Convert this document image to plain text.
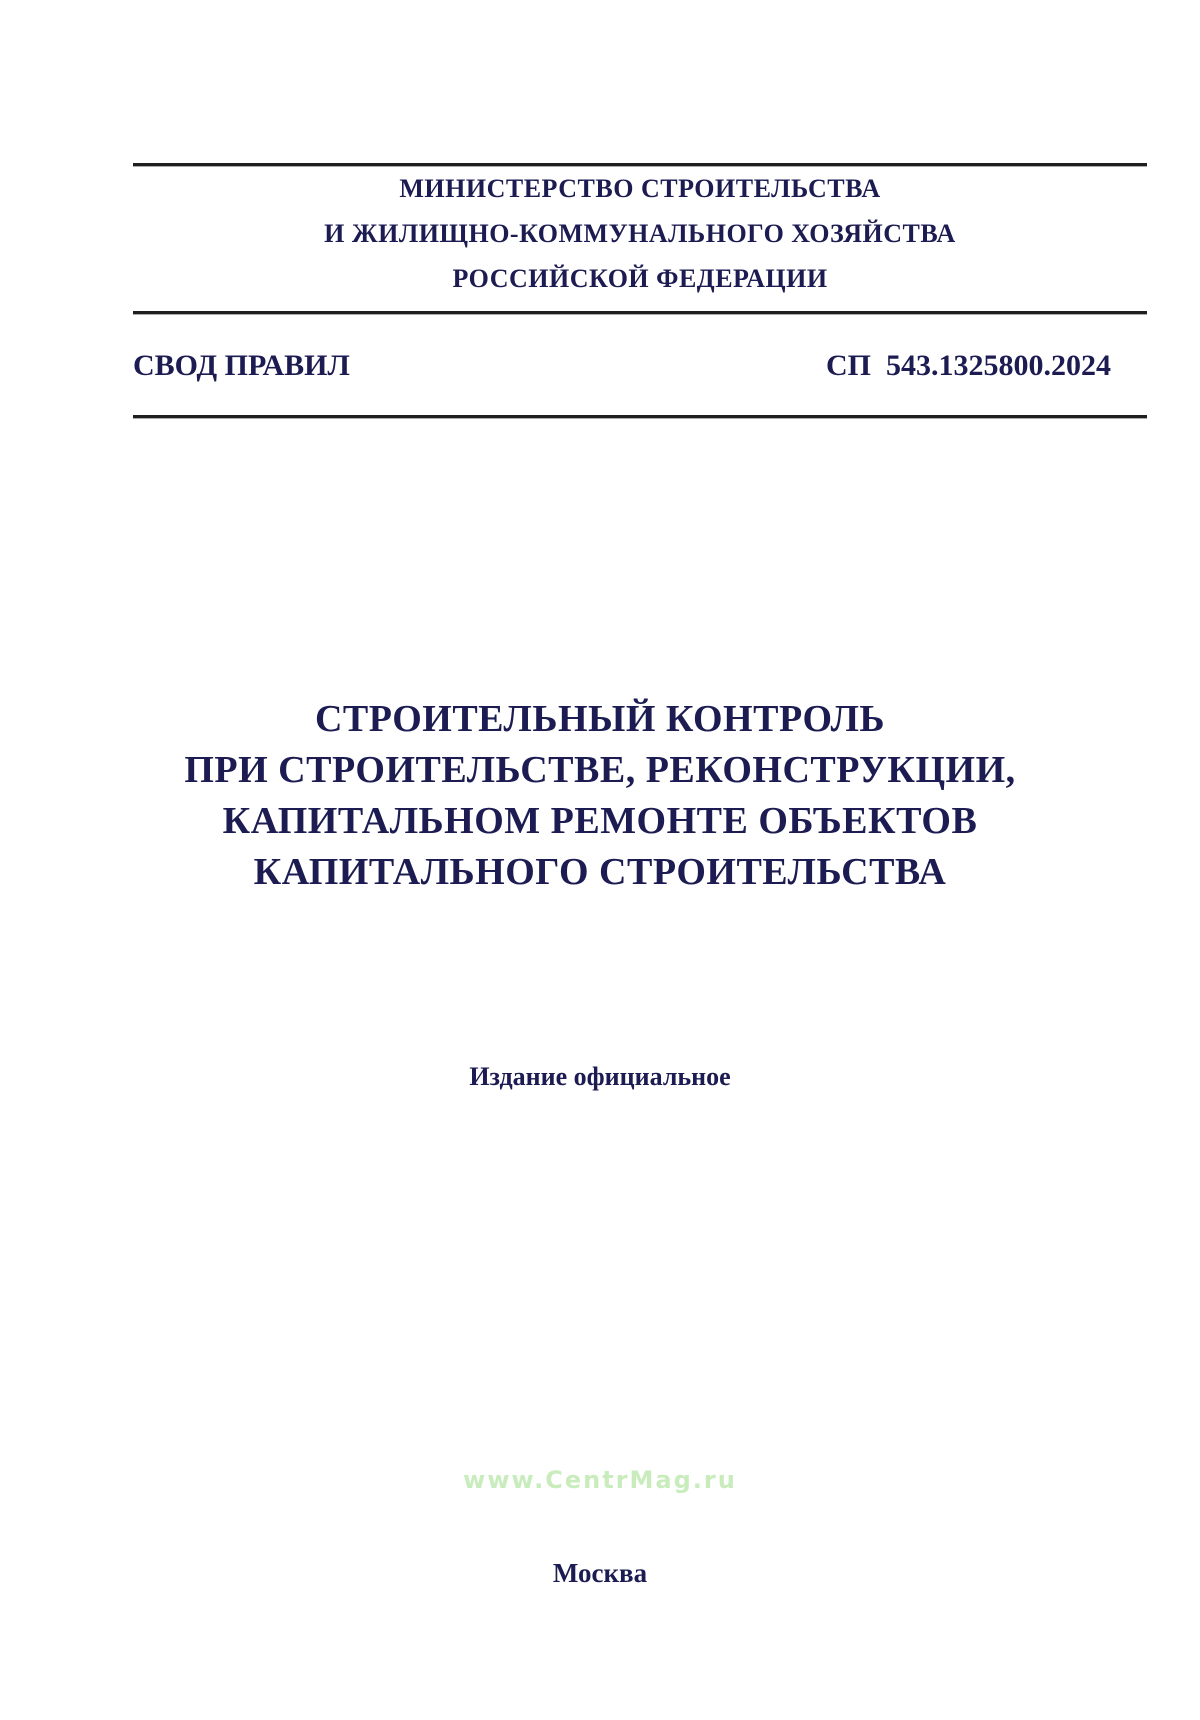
МИНИСТЕРСТВО СТРОИТЕЛЬСТВА
И ЖИЛИЩНО-КОММУНАЛЬНОГО ХОЗЯЙСТВА
РОССИЙСКОЙ ФЕДЕРАЦИИ
СВОД ПРАВИЛ	СП  543.1325800.2024
СТРОИТЕЛЬНЫЙ КОНТРОЛЬ
ПРИ СТРОИТЕЛЬСТВЕ, РЕКОНСТРУКЦИИ,
КАПИТАЛЬНОМ РЕМОНТЕ ОБЪЕКТОВ
КАПИТАЛЬНОГО СТРОИТЕЛЬСТВА
Издание официальное
www.CentrMag.ru
Москва
